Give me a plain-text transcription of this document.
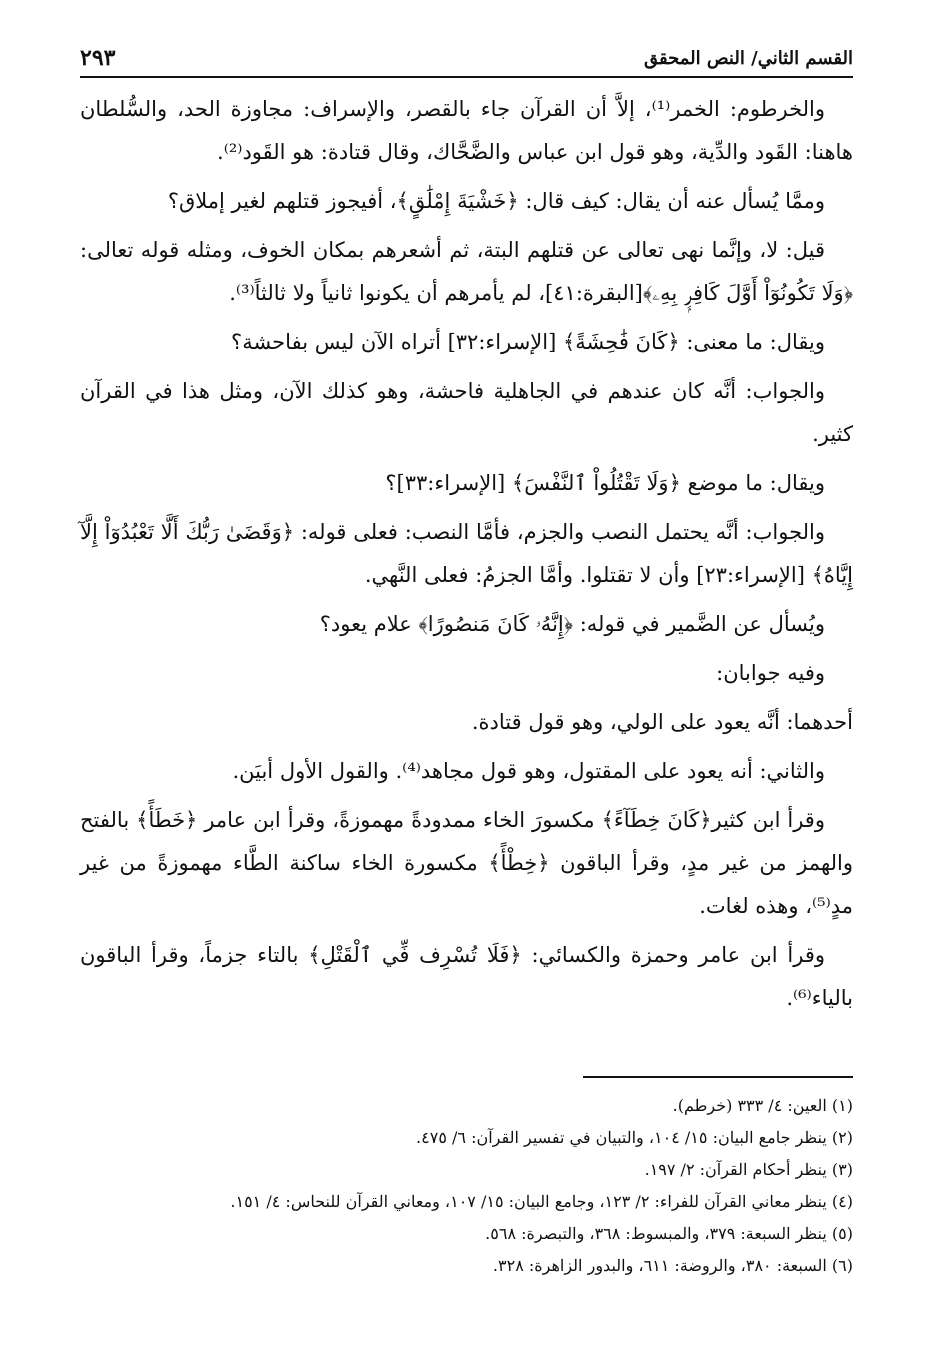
القسم الثاني/ النص المحقق
٢٩٣

والخرطوم: الخمر⁽¹⁾، إلاَّ أن القرآن جاء بالقصر، والإسراف: مجاوزة الحد، والسُّلطان هاهنا: القَود والدِّية، وهو قول ابن عباس والضَّحَّاك، وقال قتادة: هو القَود⁽²⁾.

وممَّا يُسأل عنه أن يقال: كيف قال: ﴿خَشْيَةَ إِمْلَٰقٍ﴾، أفيجوز قتلهم لغير إملاق؟

قيل: لا، وإنَّما نهى تعالى عن قتلهم البتة، ثم أشعرهم بمكان الخوف، ومثله قوله تعالى: ﴿وَلَا تَكُونُوٓاْ أَوَّلَ كَافِرِۭ بِهِۦ﴾[البقرة:٤١]، لم يأمرهم أن يكونوا ثانياً ولا ثالثاً⁽³⁾.

ويقال: ما معنى: ﴿كَانَ فَٰحِشَةً﴾ [الإسراء:٣٢] أتراه الآن ليس بفاحشة؟

والجواب: أنَّه كان عندهم في الجاهلية فاحشة، وهو كذلك الآن، ومثل هذا في القرآن كثير.

ويقال: ما موضع ﴿وَلَا تَقْتُلُواْ ٱلنَّفْسَ﴾ [الإسراء:٣٣]؟

والجواب: أنَّه يحتمل النصب والجزم، فأمَّا النصب: فعلى قوله: ﴿وَقَضَىٰ رَبُّكَ أَلَّا تَعْبُدُوٓاْ إِلَّآ إِيَّاهُ﴾ [الإسراء:٢٣] وأن لا تقتلوا. وأمَّا الجزمُ: فعلى النَّهي.

ويُسأل عن الضَّمير في قوله: ﴿إِنَّهُۥ كَانَ مَنصُورًا﴾ علام يعود؟

وفيه جوابان:

أحدهما: أنَّه يعود على الولي، وهو قول قتادة.

والثاني: أنه يعود على المقتول، وهو قول مجاهد⁽⁴⁾. والقول الأول أبيَن.

وقرأ ابن كثير﴿كَانَ خِطَآءً﴾ مكسورَ الخاء ممدودةً مهموزةً، وقرأ ابن عامر ﴿خَطَأً﴾ بالفتح والهمز من غير مدٍ، وقرأ الباقون ﴿خِطْأً﴾ مكسورة الخاء ساكنة الطَّاء مهموزةً من غير مدٍ⁽⁵⁾، وهذه لغات.

وقرأ ابن عامر وحمزة والكسائي: ﴿فَلَا تُسْرِف فِّي ٱلْقَتْلِ﴾ بالتاء جزماً، وقرأ الباقون بالياء⁽⁶⁾.

(١) العين: ٤/ ٣٣٣ (خرطم).
(٢) ينظر جامع البيان: ١٥/ ١٠٤، والتبيان في تفسير القرآن: ٦/ ٤٧٥.
(٣) ينظر أحكام القرآن: ٢/ ١٩٧.
(٤) ينظر معاني القرآن للفراء: ٢/ ١٢٣، وجامع البيان: ١٥/ ١٠٧، ومعاني القرآن للنحاس: ٤/ ١٥١.
(٥) ينظر السبعة: ٣٧٩، والمبسوط: ٣٦٨، والتبصرة: ٥٦٨.
(٦) السبعة: ٣٨٠، والروضة: ٦١١، والبدور الزاهرة: ٣٢٨.
